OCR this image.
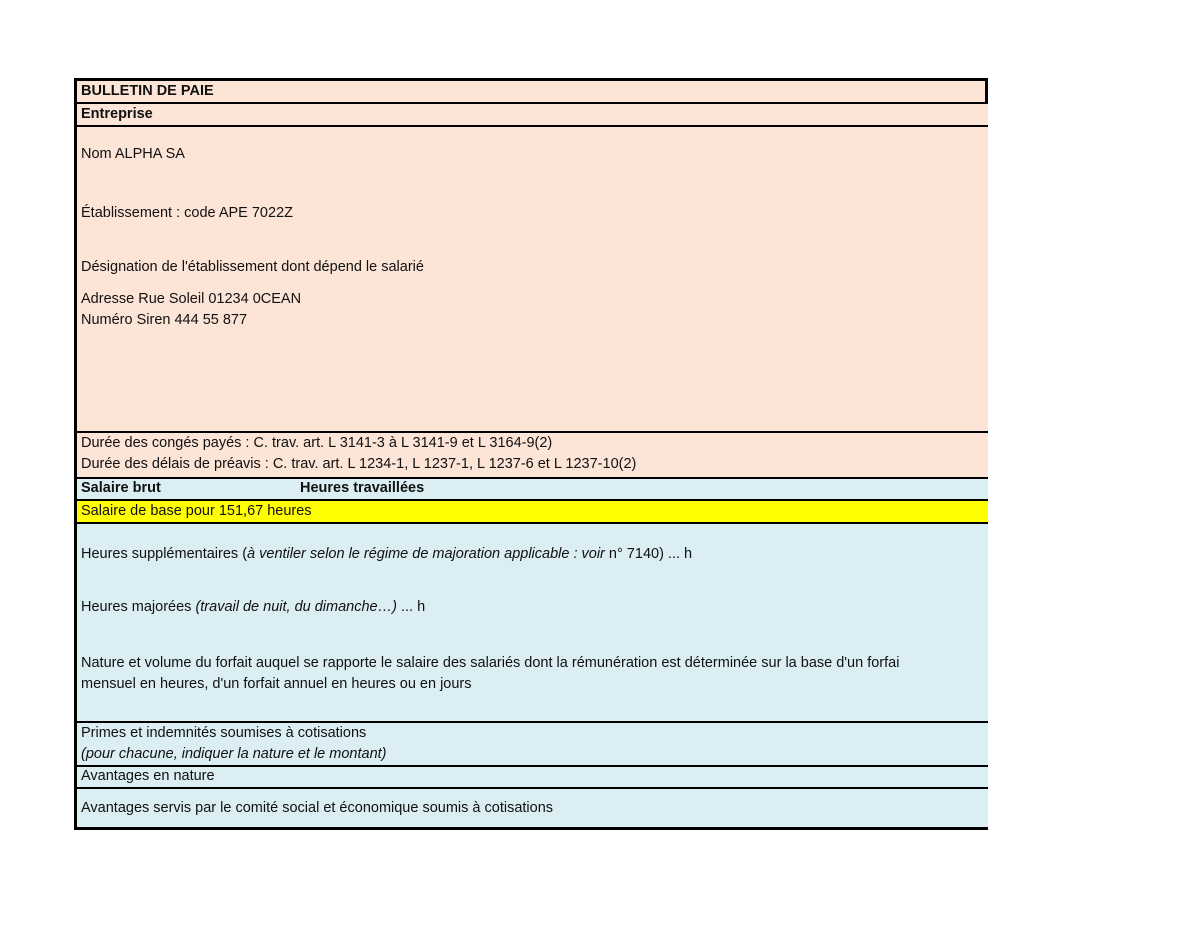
BULLETIN DE PAIE
Entreprise
Nom ALPHA SA
Établissement : code APE 7022Z
Désignation de l'établissement dont dépend le salarié
Adresse Rue Soleil 01234 0CEAN
Numéro Siren 444 55 877
Durée des congés payés : C. trav. art. L 3141-3 à L 3141-9 et L 3164-9(2)
Durée des délais de préavis : C. trav. art. L 1234-1, L 1237-1, L 1237-6 et L 1237-10(2)
Salaire brut	Heures travaillées
Salaire de base pour 151,67 heures
Heures supplémentaires (à ventiler selon le régime de majoration applicable : voir n° 7140) ... h
Heures majorées (travail de nuit, du dimanche…) ... h
Nature et volume du forfait auquel se rapporte le salaire des salariés dont la rémunération est déterminée sur la base d'un forfai
mensuel en heures, d'un forfait annuel en heures ou en jours
Primes et indemnités soumises à cotisations
(pour chacune, indiquer la nature et le montant)
Avantages en nature
Avantages servis par le comité social et économique soumis à cotisations
